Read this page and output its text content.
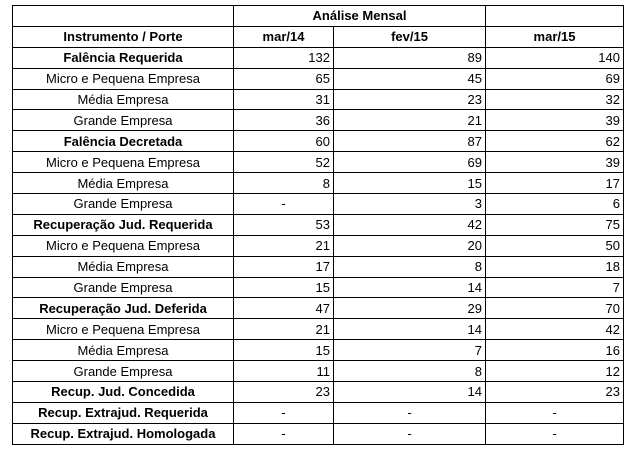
	Análise Mensal		
Instrumento / Porte	mar/14	fev/15	mar/15
Falência Requerida	132	89	140
Micro e Pequena Empresa	65	45	69
Média Empresa	31	23	32
Grande Empresa	36	21	39
Falência Decretada	60	87	62
Micro e Pequena Empresa	52	69	39
Média Empresa	8	15	17
Grande Empresa	-	3	6
Recuperação Jud. Requerida	53	42	75
Micro e Pequena Empresa	21	20	50
Média Empresa	17	8	18
Grande Empresa	15	14	7
Recuperação Jud. Deferida	47	29	70
Micro e Pequena Empresa	21	14	42
Média Empresa	15	7	16
Grande Empresa	11	8	12
Recup. Jud. Concedida	23	14	23
Recup. Extrajud. Requerida	-	-	-
Recup. Extrajud. Homologada	-	-	-
